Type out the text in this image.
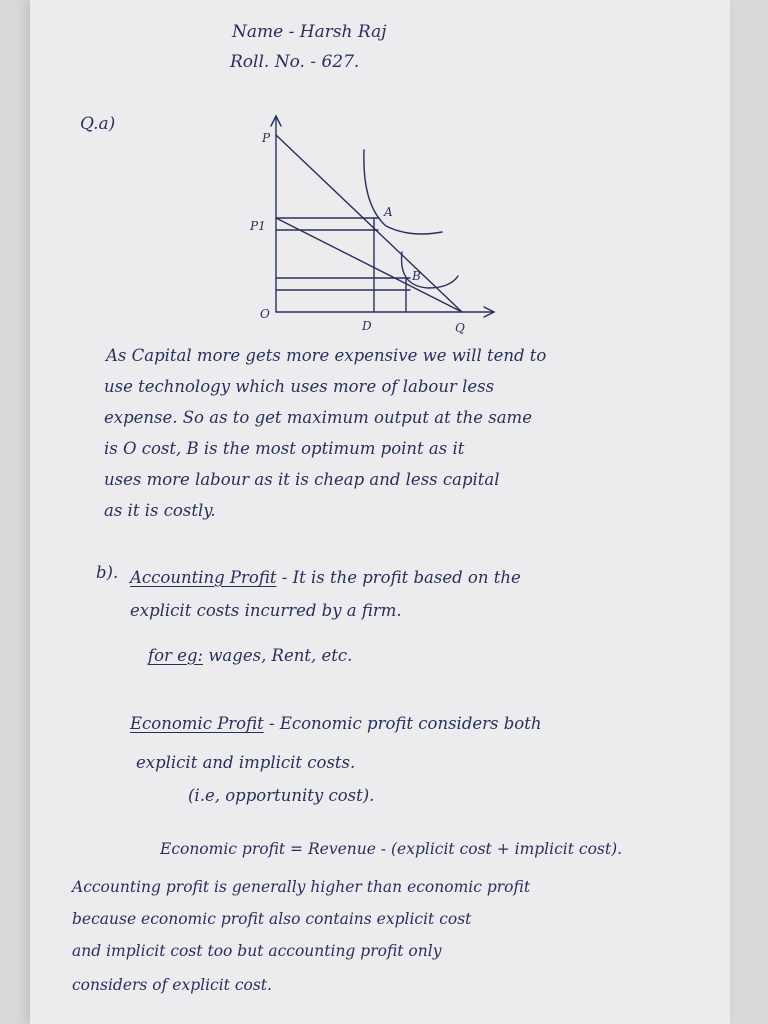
Name - Harsh Raj
Roll. No. - 627.
Q.a)
P
P1
A
B
O
D	Q
As Capital more gets more expensive we will tend to
use technology which uses more of labour less
expense. So as to get maximum output at the same
is O cost, B is the most optimum point as it
uses more labour as it is cheap and less capital
as it is costly.
b). Accounting Profit - It is the profit based on the
explicit costs incurred by a firm.
for eg: wages, Rent, etc.
Economic Profit - Economic profit considers both
explicit and implicit costs.
(i.e, opportunity cost).
Economic profit = Revenue - (explicit cost + implicit cost).
Accounting profit is generally higher than economic profit
because economic profit also contains explicit cost
and implicit cost too but accounting profit only
considers of explicit cost.
